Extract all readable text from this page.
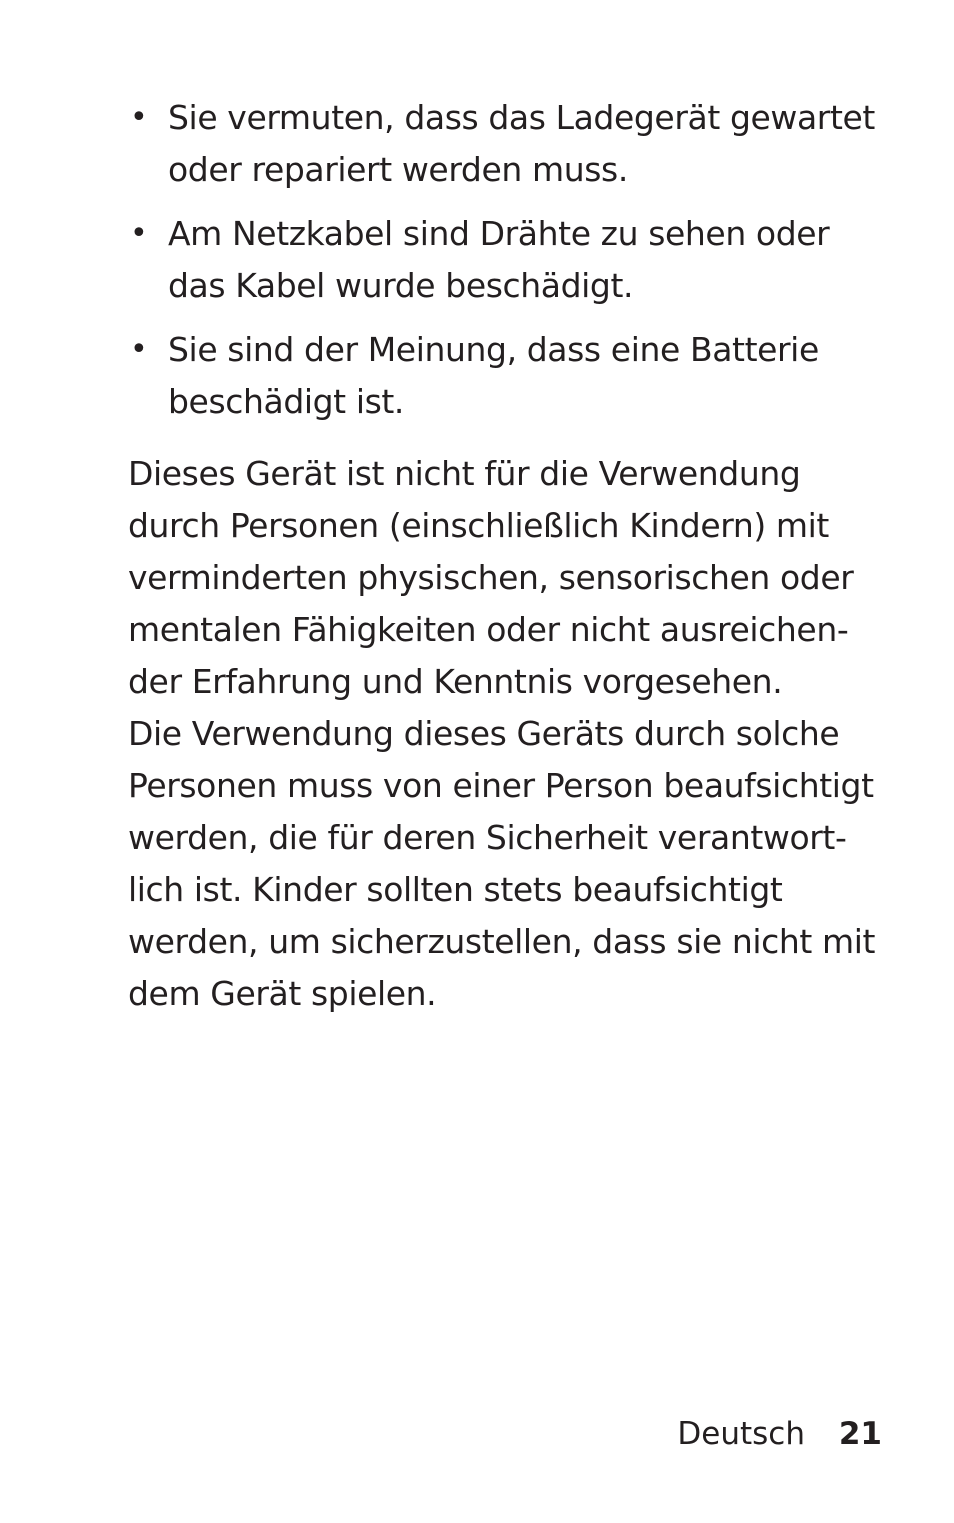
• Sie vermuten, dass das Ladegerät gewartet
oder repariert werden muss.
• Am Netzkabel sind Drähte zu sehen oder
das Kabel wurde beschädigt.
• Sie sind der Meinung, dass eine Batterie
beschädigt ist.

Dieses Gerät ist nicht für die Verwendung
durch Personen (einschließlich Kindern) mit
verminderten physischen, sensorischen oder
mentalen Fähigkeiten oder nicht ausreichen-
der Erfahrung und Kenntnis vorgesehen.
Die Verwendung dieses Geräts durch solche
Personen muss von einer Person beaufsichtigt
werden, die für deren Sicherheit verantwort-
lich ist. Kinder sollten stets beaufsichtigt
werden, um sicherzustellen, dass sie nicht mit
dem Gerät spielen.

Deutsch 21
